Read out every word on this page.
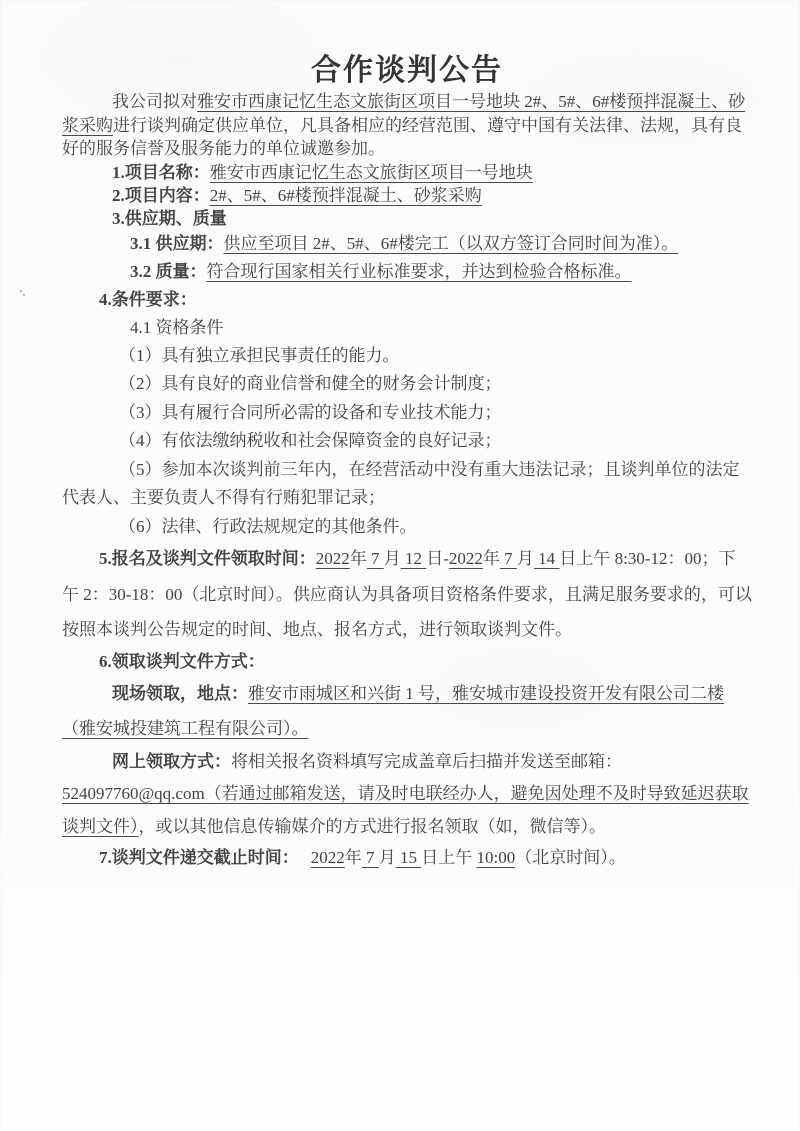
合作谈判公告

我公司拟对雅安市西康记忆生态文旅街区项目一号地块 2#、5#、6#楼预拌混凝土、砂浆采购进行谈判确定供应单位，凡具备相应的经营范围、遵守中国有关法律、法规，具有良好的服务信誉及服务能力的单位诚邀参加。

1.项目名称：雅安市西康记忆生态文旅街区项目一号地块

2.项目内容：2#、5#、6#楼预拌混凝土、砂浆采购

3.供应期、质量

3.1 供应期：供应至项目 2#、5#、6#楼完工（以双方签订合同时间为准）。

3.2 质量：符合现行国家相关行业标准要求，并达到检验合格标准。

4.条件要求：

4.1 资格条件

（1）具有独立承担民事责任的能力。

（2）具有良好的商业信誉和健全的财务会计制度；

（3）具有履行合同所必需的设备和专业技术能力；

（4）有依法缴纳税收和社会保障资金的良好记录；

（5）参加本次谈判前三年内，在经营活动中没有重大违法记录；且谈判单位的法定代表人、主要负责人不得有行贿犯罪记录；

（6）法律、行政法规规定的其他条件。

5.报名及谈判文件领取时间：2022年 7 月 12 日-2022年 7 月 14 日上午 8:30-12：00；下午 2：30-18：00（北京时间）。供应商认为具备项目资格条件要求，且满足服务要求的，可以按照本谈判公告规定的时间、地点、报名方式，进行领取谈判文件。

6.领取谈判文件方式：

现场领取，地点：雅安市雨城区和兴街 1 号，雅安城市建设投资开发有限公司二楼（雅安城投建筑工程有限公司）。

网上领取方式：将相关报名资料填写完成盖章后扫描并发送至邮箱：524097760@qq.com（若通过邮箱发送，请及时电联经办人，避免因处理不及时导致延迟获取谈判文件），或以其他信息传输媒介的方式进行报名领取（如，微信等）。

7.谈判文件递交截止时间： 2022年 7 月 15 日上午 10:00（北京时间）。
